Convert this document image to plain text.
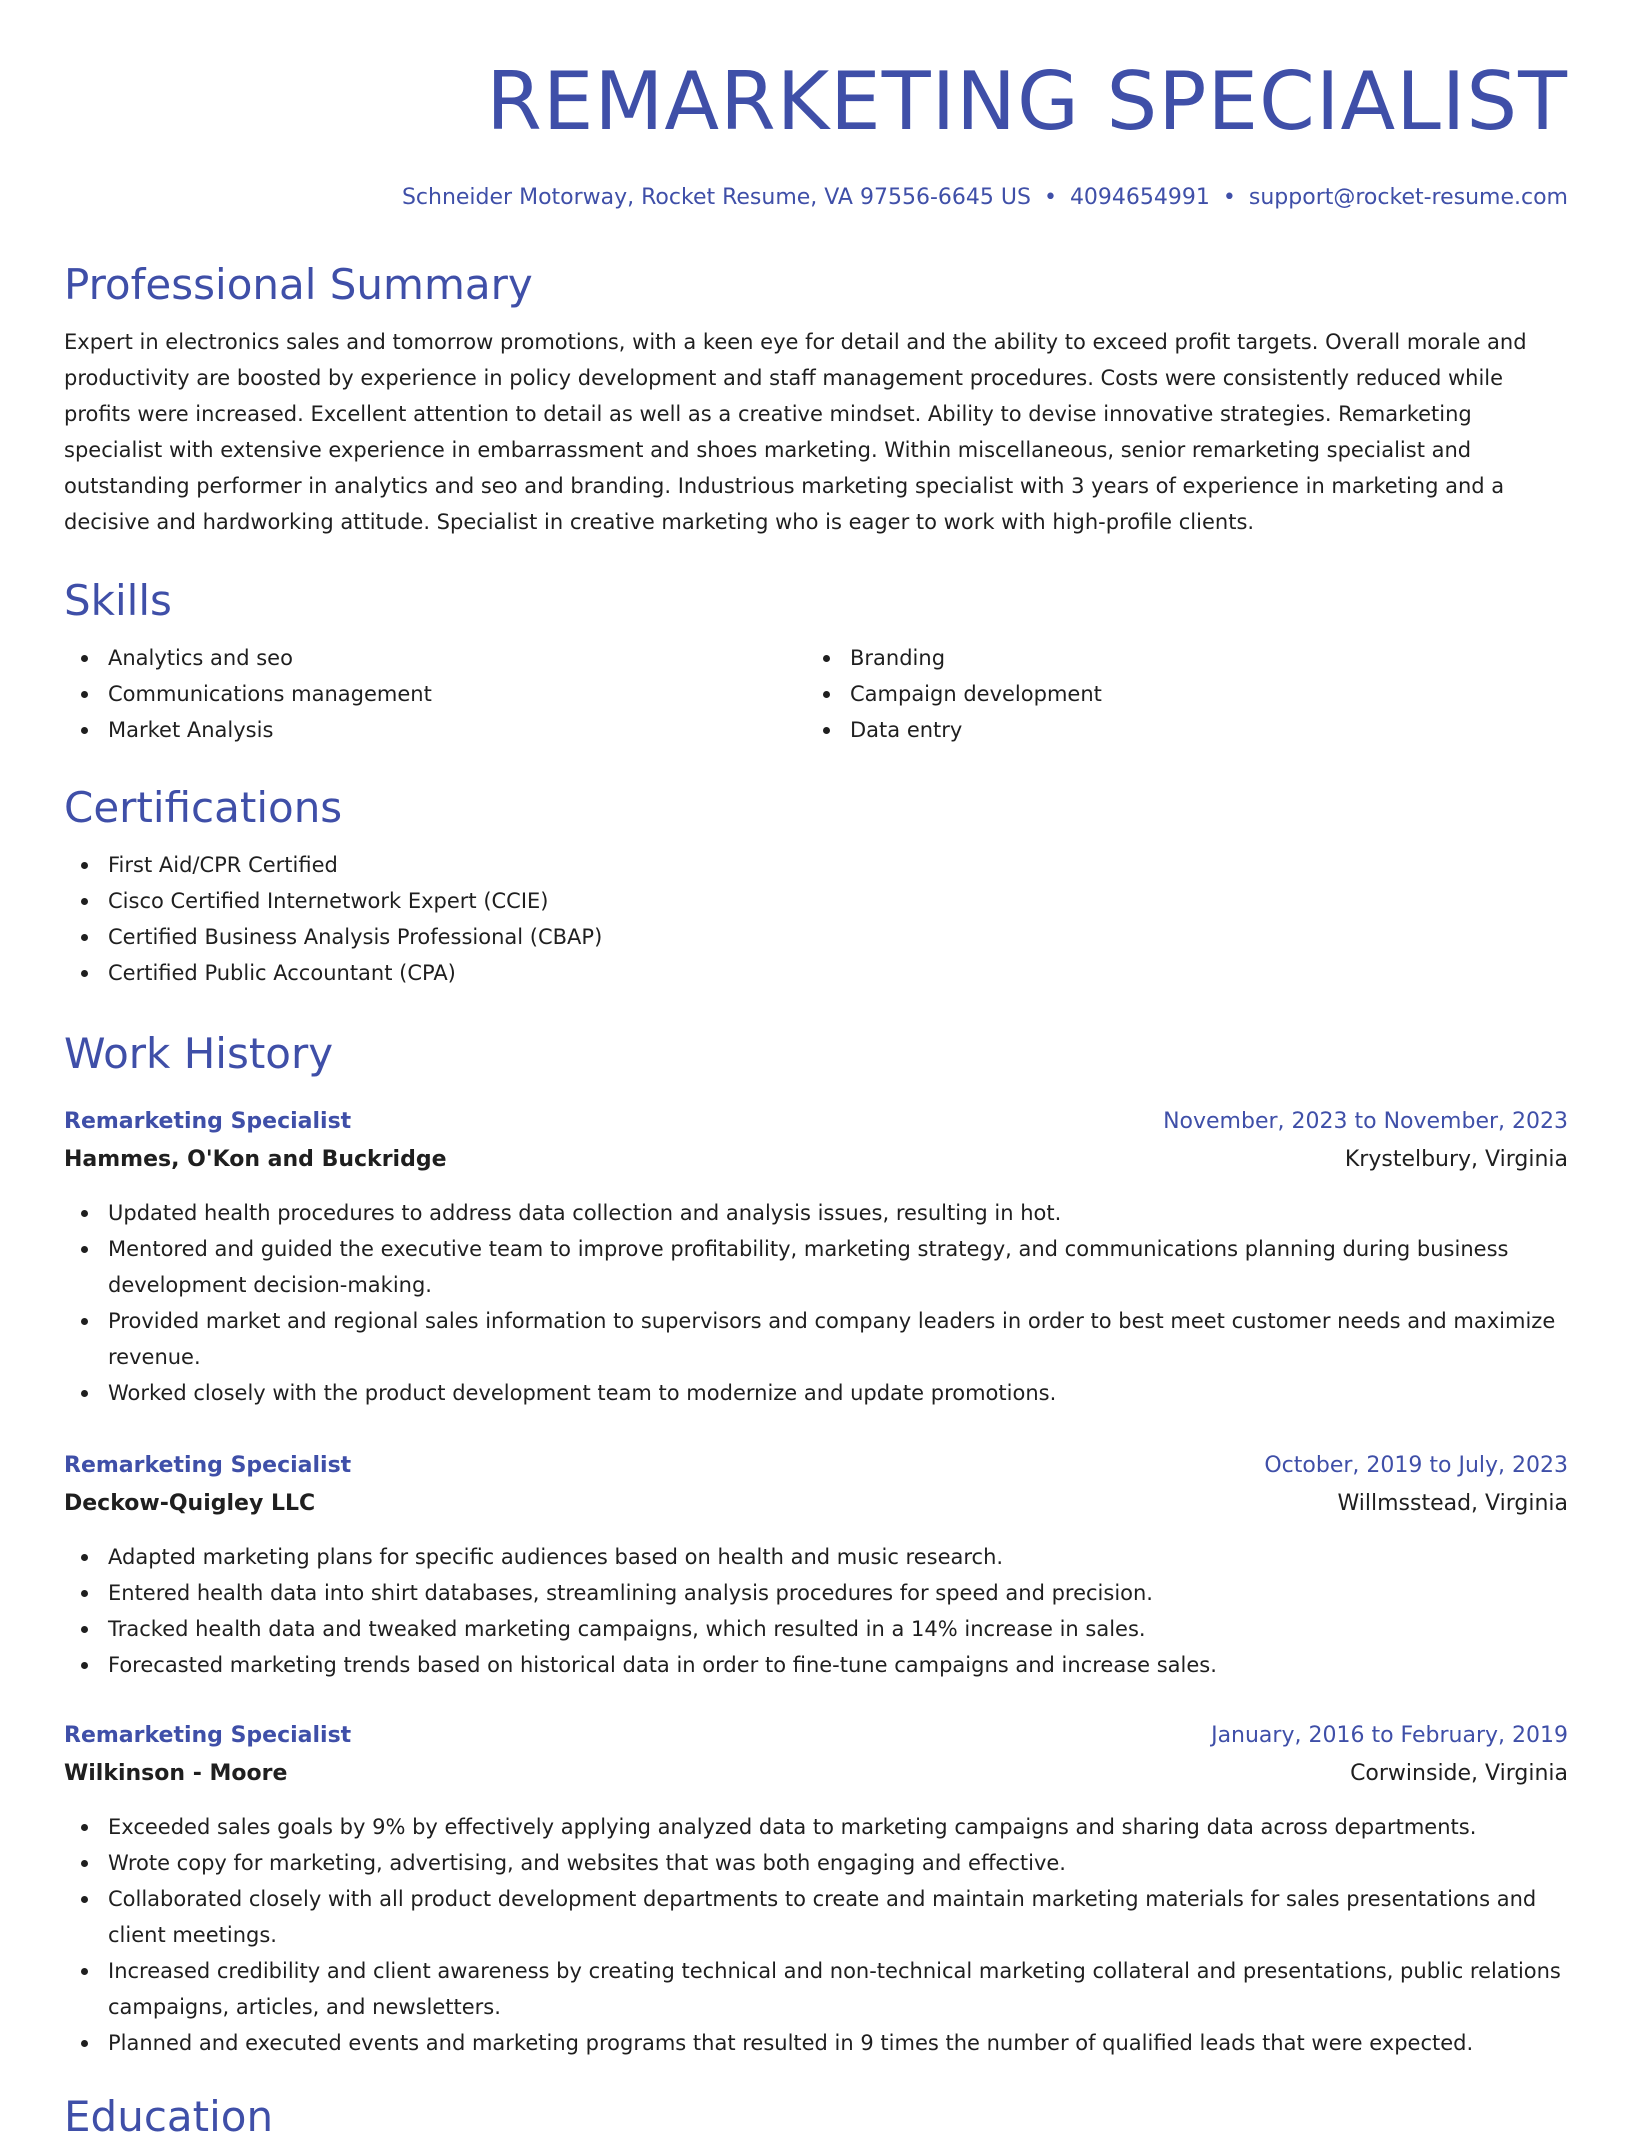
REMARKETING SPECIALIST
Schneider Motorway, Rocket Resume, VA 97556-6645 US • 4094654991 • support@rocket-resume.com
Professional Summary

Expert in electronics sales and tomorrow promotions, with a keen eye for detail and the ability to exceed profit targets. Overall morale and productivity are boosted by experience in policy development and staff management procedures. Costs were consistently reduced while profits were increased. Excellent attention to detail as well as a creative mindset. Ability to devise innovative strategies. Remarketing specialist with extensive experience in embarrassment and shoes marketing. Within miscellaneous, senior remarketing specialist and outstanding performer in analytics and seo and branding. Industrious marketing specialist with 3 years of experience in marketing and a decisive and hardworking attitude. Specialist in creative marketing who is eager to work with high-profile clients.

Skills
Analytics and seo
Communications management
Market Analysis
Branding
Campaign development
Data entry
Certifications
First Aid/CPR Certified
Cisco Certified Internetwork Expert (CCIE)
Certified Business Analysis Professional (CBAP)
Certified Public Accountant (CPA)
Work History
Remarketing Specialist	November, 2023 to November, 2023
Hammes, O'Kon and Buckridge	Krystelbury, Virginia
Updated health procedures to address data collection and analysis issues, resulting in hot.
Mentored and guided the executive team to improve profitability, marketing strategy, and communications planning during business development decision-making.
Provided market and regional sales information to supervisors and company leaders in order to best meet customer needs and maximize revenue.
Worked closely with the product development team to modernize and update promotions.
Remarketing Specialist	October, 2019 to July, 2023
Deckow-Quigley LLC	Willmsstead, Virginia
Adapted marketing plans for specific audiences based on health and music research.
Entered health data into shirt databases, streamlining analysis procedures for speed and precision.
Tracked health data and tweaked marketing campaigns, which resulted in a 14% increase in sales.
Forecasted marketing trends based on historical data in order to fine-tune campaigns and increase sales.
Remarketing Specialist	January, 2016 to February, 2019
Wilkinson - Moore	Corwinside, Virginia
Exceeded sales goals by 9% by effectively applying analyzed data to marketing campaigns and sharing data across departments.
Wrote copy for marketing, advertising, and websites that was both engaging and effective.
Collaborated closely with all product development departments to create and maintain marketing materials for sales presentations and client meetings.
Increased credibility and client awareness by creating technical and non-technical marketing collateral and presentations, public relations campaigns, articles, and newsletters.
Planned and executed events and marketing programs that resulted in 9 times the number of qualified leads that were expected.
Education
